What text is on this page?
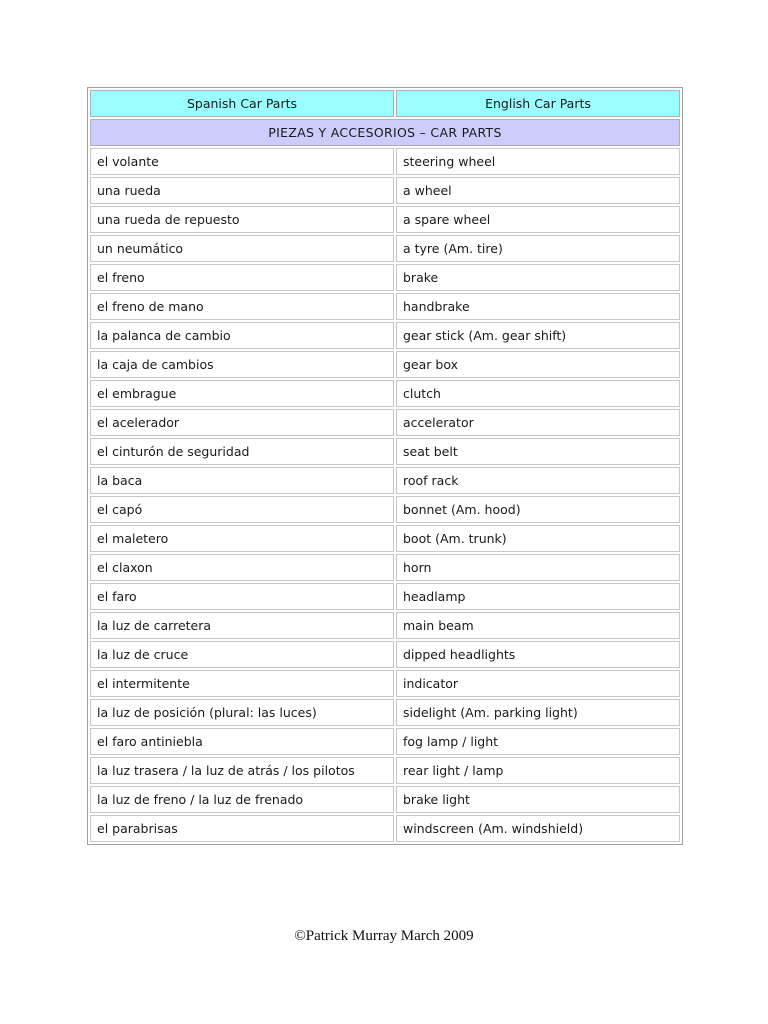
Spanish Car Parts	English Car Parts
PIEZAS Y ACCESORIOS – CAR PARTS	
el volante	steering wheel
una rueda	a wheel
una rueda de repuesto	a spare wheel
un neumático	a tyre (Am. tire)
el freno	brake
el freno de mano	handbrake
la palanca de cambio	gear stick (Am. gear shift)
la caja de cambios	gear box
el embrague	clutch
el acelerador	accelerator
el cinturón de seguridad	seat belt
la baca	roof rack
el capó	bonnet (Am. hood)
el maletero	boot (Am. trunk)
el claxon	horn
el faro	headlamp
la luz de carretera	main beam
la luz de cruce	dipped headlights
el intermitente	indicator
la luz de posición (plural: las luces)	sidelight (Am. parking light)
el faro antiniebla	fog lamp / light
la luz trasera / la luz de atrás / los pilotos	rear light / lamp
la luz de freno / la luz de frenado	brake light
el parabrisas	windscreen (Am. windshield)
©Patrick Murray March 2009
